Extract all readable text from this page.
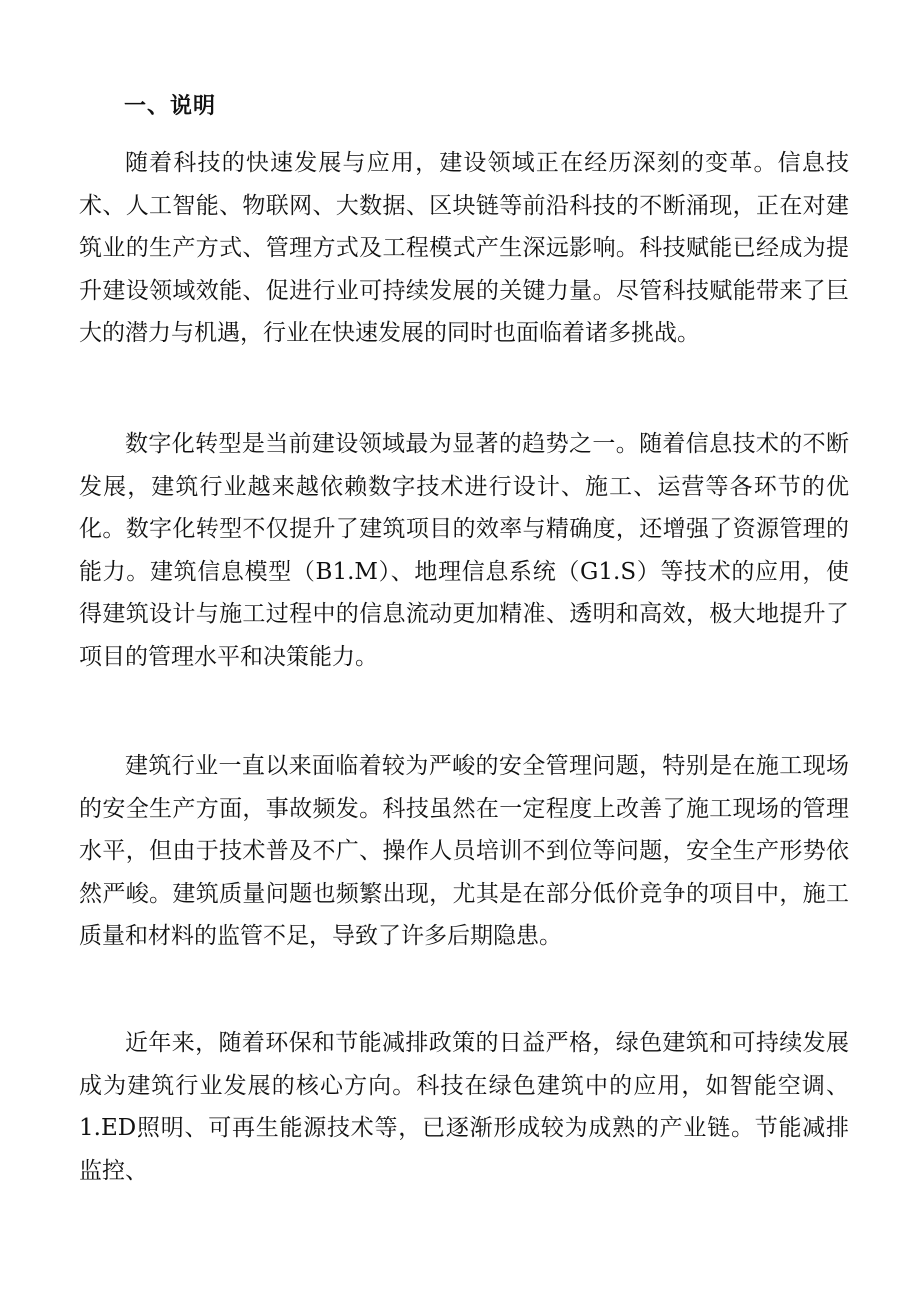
一、说明

随着科技的快速发展与应用，建设领域正在经历深刻的变革。信息技术、人工智能、物联网、大数据、区块链等前沿科技的不断涌现，正在对建筑业的生产方式、管理方式及工程模式产生深远影响。科技赋能已经成为提升建设领域效能、促进行业可持续发展的关键力量。尽管科技赋能带来了巨大的潜力与机遇，行业在快速发展的同时也面临着诸多挑战。

数字化转型是当前建设领域最为显著的趋势之一。随着信息技术的不断发展，建筑行业越来越依赖数字技术进行设计、施工、运营等各环节的优化。数字化转型不仅提升了建筑项目的效率与精确度，还增强了资源管理的能力。建筑信息模型（B1.M）、地理信息系统（G1.S）等技术的应用，使得建筑设计与施工过程中的信息流动更加精准、透明和高效，极大地提升了项目的管理水平和决策能力。

建筑行业一直以来面临着较为严峻的安全管理问题，特别是在施工现场的安全生产方面，事故频发。科技虽然在一定程度上改善了施工现场的管理水平，但由于技术普及不广、操作人员培训不到位等问题，安全生产形势依然严峻。建筑质量问题也频繁出现，尤其是在部分低价竞争的项目中，施工质量和材料的监管不足，导致了许多后期隐患。

近年来，随着环保和节能减排政策的日益严格，绿色建筑和可持续发展成为建筑行业发展的核心方向。科技在绿色建筑中的应用，如智能空调、1.ED照明、可再生能源技术等，已逐渐形成较为成熟的产业链。节能减排监控、
